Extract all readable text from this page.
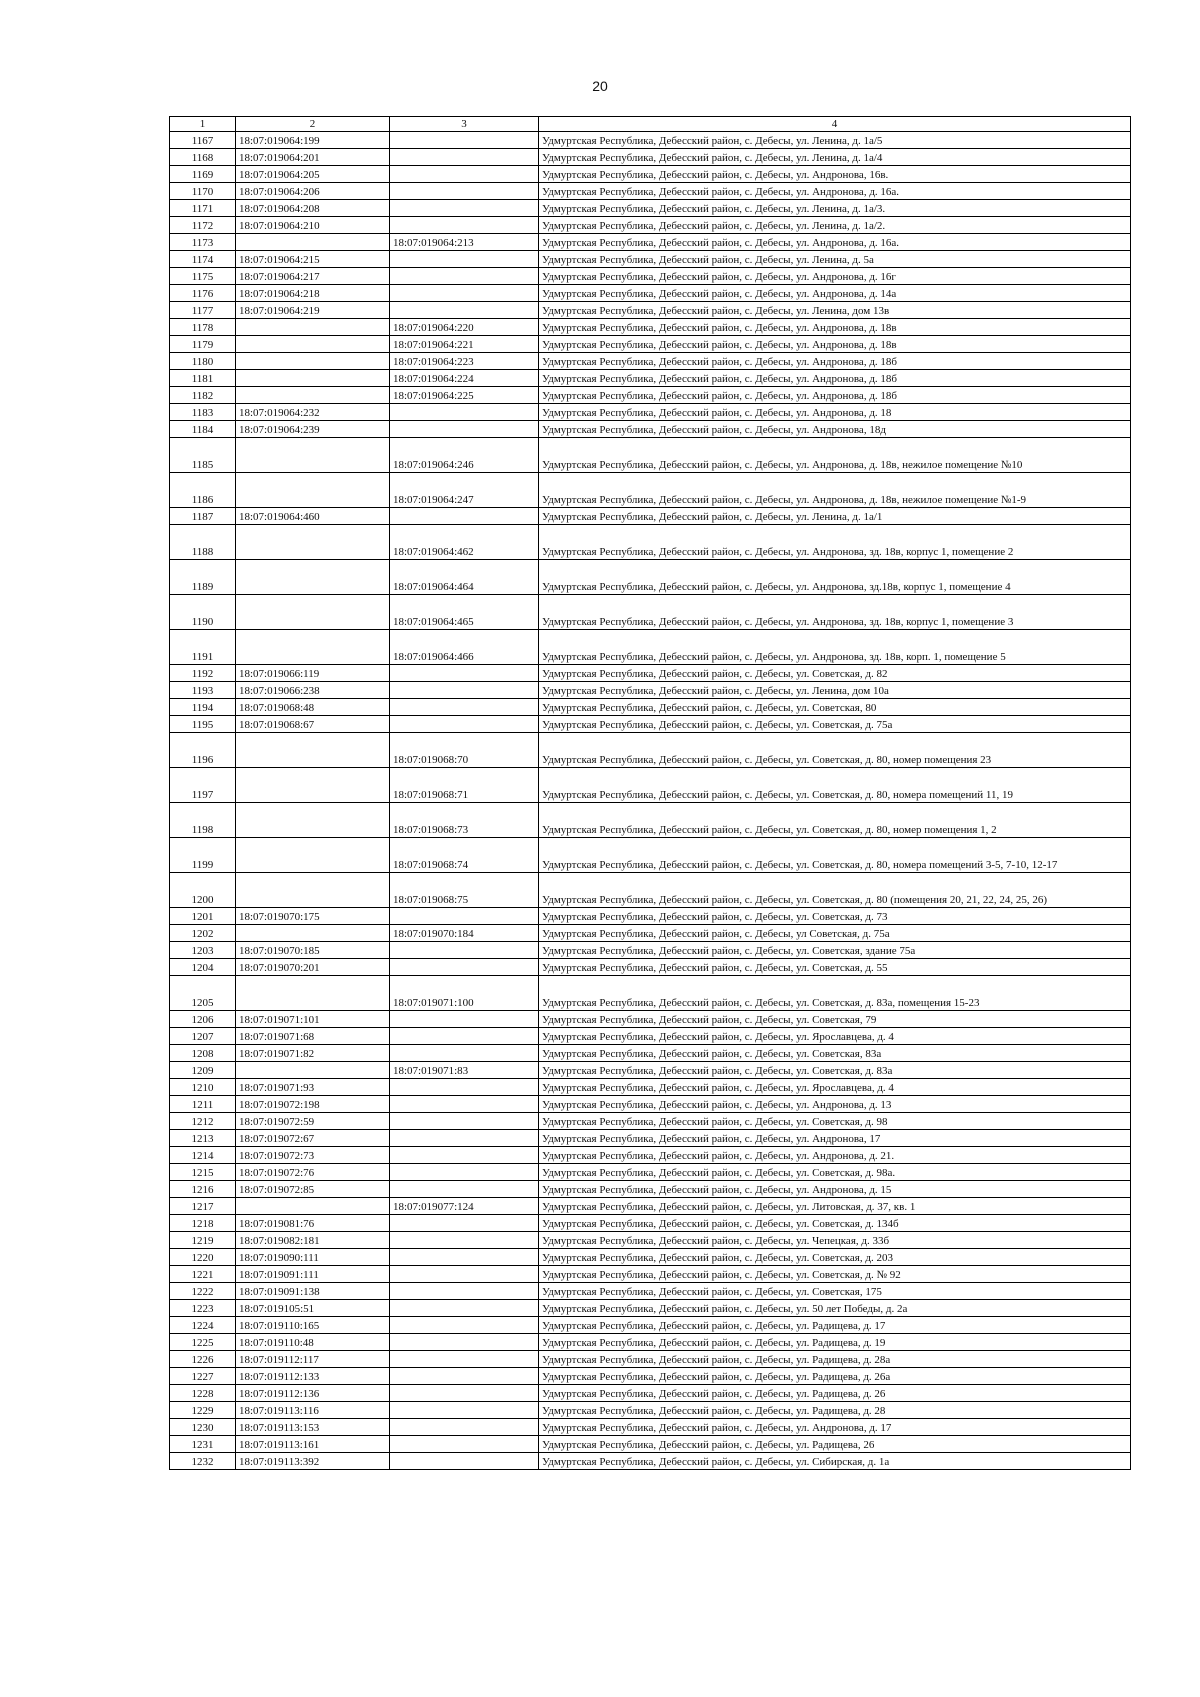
20
1	2	3	4
1167	18:07:019064:199		Удмуртская Республика, Дебесский район, с. Дебесы, ул. Ленина, д. 1а/5
1168	18:07:019064:201		Удмуртская Республика, Дебесский район, с. Дебесы, ул. Ленина, д. 1а/4
1169	18:07:019064:205		Удмуртская Республика, Дебесский район, с. Дебесы, ул. Андронова, 16в.
1170	18:07:019064:206		Удмуртская Республика, Дебесский район, с. Дебесы, ул. Андронова, д. 16а.
1171	18:07:019064:208		Удмуртская Республика, Дебесский район, с. Дебесы, ул. Ленина, д. 1а/3.
1172	18:07:019064:210		Удмуртская Республика, Дебесский район, с. Дебесы, ул. Ленина, д. 1а/2.
1173		18:07:019064:213	Удмуртская Республика, Дебесский район, с. Дебесы, ул. Андронова, д. 16а.
1174	18:07:019064:215		Удмуртская Республика, Дебесский район, с. Дебесы, ул. Ленина, д. 5а
1175	18:07:019064:217		Удмуртская Республика, Дебесский район, с. Дебесы, ул. Андронова, д. 16г
1176	18:07:019064:218		Удмуртская Республика, Дебесский район, с. Дебесы, ул. Андронова, д. 14а
1177	18:07:019064:219		Удмуртская Республика, Дебесский район, с. Дебесы, ул. Ленина, дом 13в
1178		18:07:019064:220	Удмуртская Республика, Дебесский район, с. Дебесы, ул. Андронова, д. 18в
1179		18:07:019064:221	Удмуртская Республика, Дебесский район, с. Дебесы, ул. Андронова, д. 18в
1180		18:07:019064:223	Удмуртская Республика, Дебесский район, с. Дебесы, ул. Андронова, д. 18б
1181		18:07:019064:224	Удмуртская Республика, Дебесский район, с. Дебесы, ул. Андронова, д. 18б
1182		18:07:019064:225	Удмуртская Республика, Дебесский район, с. Дебесы, ул. Андронова, д. 18б
1183	18:07:019064:232		Удмуртская Республика, Дебесский район, с. Дебесы, ул. Андронова, д. 18
1184	18:07:019064:239		Удмуртская Республика, Дебесский район, с. Дебесы, ул. Андронова, 18д
1185		18:07:019064:246	Удмуртская Республика, Дебесский район, с. Дебесы, ул. Андронова, д. 18в, нежилое помещение №10
1186		18:07:019064:247	Удмуртская Республика, Дебесский район, с. Дебесы, ул. Андронова, д. 18в, нежилое помещение №1-9
1187	18:07:019064:460		Удмуртская Республика, Дебесский район, с. Дебесы, ул. Ленина, д. 1а/1
1188		18:07:019064:462	Удмуртская Республика, Дебесский район, с. Дебесы, ул. Андронова, зд. 18в, корпус 1, помещение 2
1189		18:07:019064:464	Удмуртская Республика, Дебесский район, с. Дебесы, ул. Андронова, зд.18в, корпус 1, помещение 4
1190		18:07:019064:465	Удмуртская Республика, Дебесский район, с. Дебесы, ул. Андронова, зд. 18в, корпус 1, помещение 3
1191		18:07:019064:466	Удмуртская Республика, Дебесский район, с. Дебесы, ул. Андронова, зд. 18в, корп. 1, помещение 5
1192	18:07:019066:119		Удмуртская Республика, Дебесский район, с. Дебесы, ул. Советская, д. 82
1193	18:07:019066:238		Удмуртская Республика, Дебесский район, с. Дебесы, ул. Ленина, дом 10а
1194	18:07:019068:48		Удмуртская Республика, Дебесский район, с. Дебесы, ул. Советская, 80
1195	18:07:019068:67		Удмуртская Республика, Дебесский район, с. Дебесы, ул. Советская, д. 75а
1196		18:07:019068:70	Удмуртская Республика, Дебесский район, с. Дебесы, ул. Советская, д. 80, номер помещения 23
1197		18:07:019068:71	Удмуртская Республика, Дебесский район, с. Дебесы, ул. Советская, д. 80, номера помещений 11, 19
1198		18:07:019068:73	Удмуртская Республика, Дебесский район, с. Дебесы, ул. Советская, д. 80, номер помещения 1, 2
1199		18:07:019068:74	Удмуртская Республика, Дебесский район, с. Дебесы, ул. Советская, д. 80, номера помещений 3-5, 7-10, 12-17
1200		18:07:019068:75	Удмуртская Республика, Дебесский район, с. Дебесы, ул. Советская, д. 80 (помещения 20, 21, 22, 24, 25, 26)
1201	18:07:019070:175		Удмуртская Республика, Дебесский район, с. Дебесы, ул. Советская, д. 73
1202		18:07:019070:184	Удмуртская Республика, Дебесский район, с. Дебесы, ул Советская, д. 75а
1203	18:07:019070:185		Удмуртская Республика, Дебесский район, с. Дебесы, ул. Советская, здание 75а
1204	18:07:019070:201		Удмуртская Республика, Дебесский район, с. Дебесы, ул. Советская, д. 55
1205		18:07:019071:100	Удмуртская Республика, Дебесский район, с. Дебесы, ул. Советская, д. 83а, помещения 15-23
1206	18:07:019071:101		Удмуртская Республика, Дебесский район, с. Дебесы, ул. Советская, 79
1207	18:07:019071:68		Удмуртская Республика, Дебесский район, с. Дебесы, ул. Ярославцева, д. 4
1208	18:07:019071:82		Удмуртская Республика, Дебесский район, с. Дебесы, ул. Советская, 83а
1209		18:07:019071:83	Удмуртская Республика, Дебесский район, с. Дебесы, ул. Советская, д. 83а
1210	18:07:019071:93		Удмуртская Республика, Дебесский район, с. Дебесы, ул. Ярославцева, д. 4
1211	18:07:019072:198		Удмуртская Республика, Дебесский район, с. Дебесы, ул. Андронова, д. 13
1212	18:07:019072:59		Удмуртская Республика, Дебесский район, с. Дебесы, ул. Советская, д. 98
1213	18:07:019072:67		Удмуртская Республика, Дебесский район, с. Дебесы, ул. Андронова, 17
1214	18:07:019072:73		Удмуртская Республика, Дебесский район, с. Дебесы, ул. Андронова, д. 21.
1215	18:07:019072:76		Удмуртская Республика, Дебесский район, с. Дебесы, ул. Советская, д. 98а.
1216	18:07:019072:85		Удмуртская Республика, Дебесский район, с. Дебесы, ул. Андронова, д. 15
1217		18:07:019077:124	Удмуртская Республика, Дебесский район, с. Дебесы, ул. Литовская, д. 37, кв. 1
1218	18:07:019081:76		Удмуртская Республика, Дебесский район, с. Дебесы, ул. Советская, д. 134б
1219	18:07:019082:181		Удмуртская Республика, Дебесский район, с. Дебесы, ул. Чепецкая, д. 33б
1220	18:07:019090:111		Удмуртская Республика, Дебесский район, с. Дебесы, ул. Советская, д. 203
1221	18:07:019091:111		Удмуртская Республика, Дебесский район, с. Дебесы, ул. Советская, д. № 92
1222	18:07:019091:138		Удмуртская Республика, Дебесский район, с. Дебесы, ул. Советская, 175
1223	18:07:019105:51		Удмуртская Республика, Дебесский район, с. Дебесы, ул. 50 лет Победы, д. 2а
1224	18:07:019110:165		Удмуртская Республика, Дебесский район, с. Дебесы, ул. Радищева, д. 17
1225	18:07:019110:48		Удмуртская Республика, Дебесский район, с. Дебесы, ул. Радищева, д. 19
1226	18:07:019112:117		Удмуртская Республика, Дебесский район, с. Дебесы, ул. Радищева, д. 28а
1227	18:07:019112:133		Удмуртская Республика, Дебесский район, с. Дебесы, ул. Радищева, д. 26а
1228	18:07:019112:136		Удмуртская Республика, Дебесский район, с. Дебесы, ул. Радищева, д. 26
1229	18:07:019113:116		Удмуртская Республика, Дебесский район, с. Дебесы, ул. Радищева, д. 28
1230	18:07:019113:153		Удмуртская Республика, Дебесский район, с. Дебесы, ул. Андронова, д. 17
1231	18:07:019113:161		Удмуртская Республика, Дебесский район, с. Дебесы, ул. Радищева, 26
1232	18:07:019113:392		Удмуртская Республика, Дебесский район, с. Дебесы, ул. Сибирская, д. 1а
